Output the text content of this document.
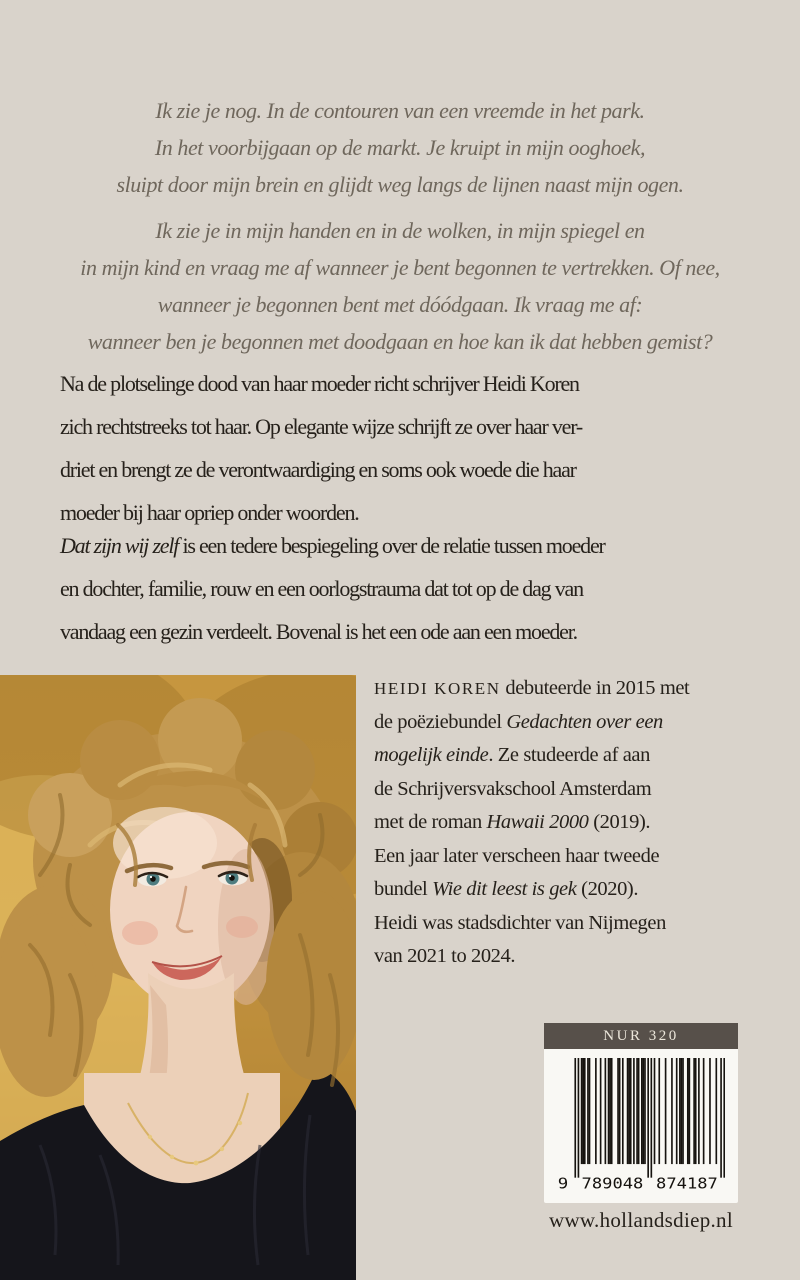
Ik zie je nog. In de contouren van een vreemde in het park.
In het voorbijgaan op de markt. Je kruipt in mijn ooghoek,
sluipt door mijn brein en glijdt weg langs de lijnen naast mijn ogen.
Ik zie je in mijn handen en in de wolken, in mijn spiegel en
in mijn kind en vraag me af wanneer je bent begonnen te vertrekken. Of nee,
wanneer je begonnen bent met dóódgaan. Ik vraag me af:
wanneer ben je begonnen met doodgaan en hoe kan ik dat hebben gemist?
Na de plotselinge dood van haar moeder richt schrijver Heidi Koren
zich rechtstreeks tot haar. Op elegante wijze schrijft ze over haar ver-
driet en brengt ze de verontwaardiging en soms ook woede die haar
moeder bij haar opriep onder woorden.
Dat zijn wij zelf is een tedere bespiegeling over de relatie tussen moeder
en dochter, familie, rouw en een oorlogstrauma dat tot op de dag van
vandaag een gezin verdeelt. Bovenal is het een ode aan een moeder.
HEIDI KOREN debuteerde in 2015 met
de poëziebundel Gedachten over een
mogelijk einde. Ze studeerde af aan
de Schrijversvakschool Amsterdam
met de roman Hawaii 2000 (2019).
Een jaar later verscheen haar tweede
bundel Wie dit leest is gek (2020).
Heidi was stadsdichter van Nijmegen
van 2021 to 2024.
NUR 320
9 789048 874187
www.hollandsdiep.nl
